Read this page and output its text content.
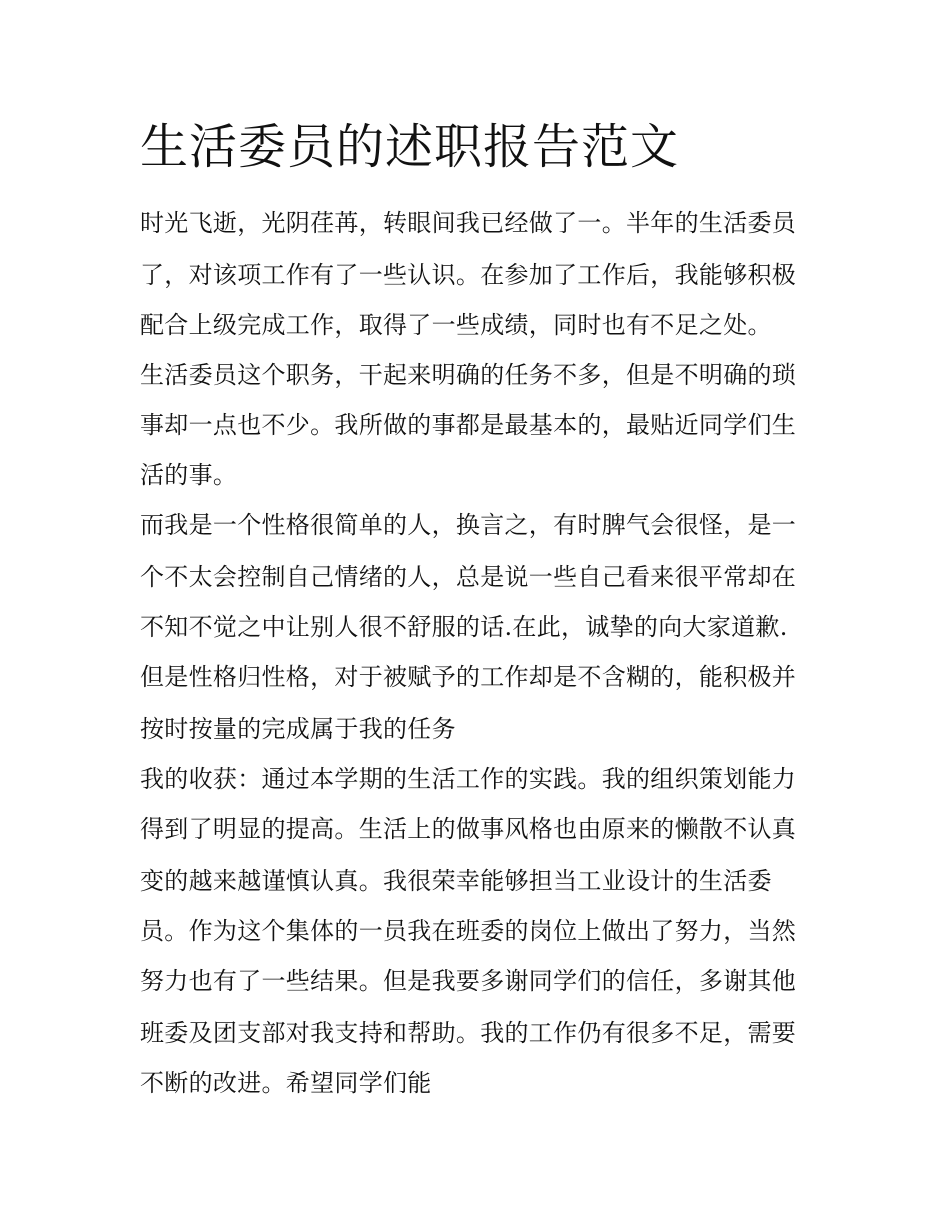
生活委员的述职报告范文

时光飞逝，光阴荏苒，转眼间我已经做了一。半年的生活委员

了，对该项工作有了一些认识。在参加了工作后，我能够积极

配合上级完成工作，取得了一些成绩，同时也有不足之处。

生活委员这个职务，干起来明确的任务不多，但是不明确的琐

事却一点也不少。我所做的事都是最基本的，最贴近同学们生

活的事。

而我是一个性格很简单的人，换言之，有时脾气会很怪，是一

个不太会控制自己情绪的人，总是说一些自己看来很平常却在

不知不觉之中让别人很不舒服的话.在此，诚挚的向大家道歉.

但是性格归性格，对于被赋予的工作却是不含糊的，能积极并

按时按量的完成属于我的任务

我的收获：通过本学期的生活工作的实践。我的组织策划能力

得到了明显的提高。生活上的做事风格也由原来的懒散不认真

变的越来越谨慎认真。我很荣幸能够担当工业设计的生活委

员。作为这个集体的一员我在班委的岗位上做出了努力，当然

努力也有了一些结果。但是我要多谢同学们的信任，多谢其他

班委及团支部对我支持和帮助。我的工作仍有很多不足，需要

不断的改进。希望同学们能
